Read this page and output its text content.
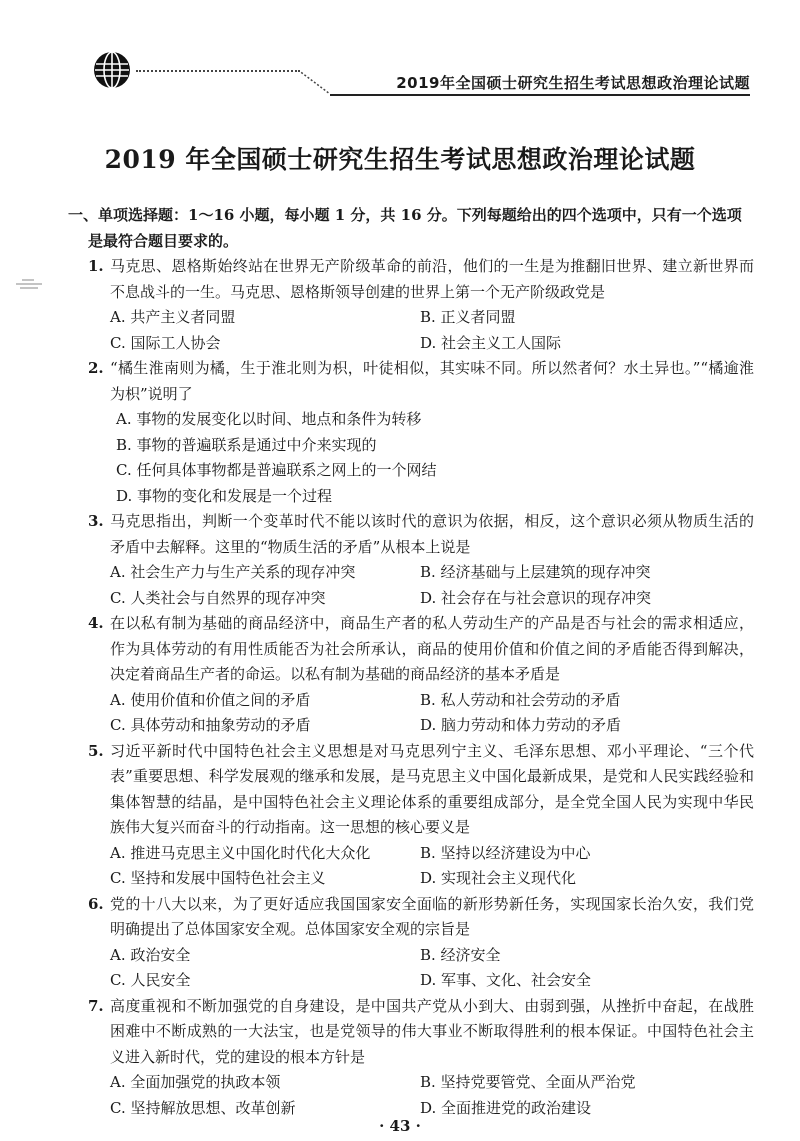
2019年全国硕士研究生招生考试思想政治理论试题
2019 年全国硕士研究生招生考试思想政治理论试题
一、单项选择题：1～16 小题，每小题 1 分，共 16 分。下列每题给出的四个选项中，只有一个选项是最符合题目要求的。
1. 马克思、恩格斯始终站在世界无产阶级革命的前沿，他们的一生是为推翻旧世界、建立新世界而不息战斗的一生。马克思、恩格斯领导创建的世界上第一个无产阶级政党是
A. 共产主义者同盟	B. 正义者同盟
C. 国际工人协会	D. 社会主义工人国际
2. “橘生淮南则为橘，生于淮北则为枳，叶徒相似，其实味不同。所以然者何？水土异也。”“橘逾淮为枳”说明了
A. 事物的发展变化以时间、地点和条件为转移
B. 事物的普遍联系是通过中介来实现的
C. 任何具体事物都是普遍联系之网上的一个网结
D. 事物的变化和发展是一个过程
3. 马克思指出，判断一个变革时代不能以该时代的意识为依据，相反，这个意识必须从物质生活的矛盾中去解释。这里的“物质生活的矛盾”从根本上说是
A. 社会生产力与生产关系的现存冲突	B. 经济基础与上层建筑的现存冲突
C. 人类社会与自然界的现存冲突	D. 社会存在与社会意识的现存冲突
4. 在以私有制为基础的商品经济中，商品生产者的私人劳动生产的产品是否与社会的需求相适应，作为具体劳动的有用性质能否为社会所承认，商品的使用价值和价值之间的矛盾能否得到解决，决定着商品生产者的命运。以私有制为基础的商品经济的基本矛盾是
A. 使用价值和价值之间的矛盾	B. 私人劳动和社会劳动的矛盾
C. 具体劳动和抽象劳动的矛盾	D. 脑力劳动和体力劳动的矛盾
5. 习近平新时代中国特色社会主义思想是对马克思列宁主义、毛泽东思想、邓小平理论、“三个代表”重要思想、科学发展观的继承和发展，是马克思主义中国化最新成果，是党和人民实践经验和集体智慧的结晶，是中国特色社会主义理论体系的重要组成部分，是全党全国人民为实现中华民族伟大复兴而奋斗的行动指南。这一思想的核心要义是
A. 推进马克思主义中国化时代化大众化	B. 坚持以经济建设为中心
C. 坚持和发展中国特色社会主义	D. 实现社会主义现代化
6. 党的十八大以来，为了更好适应我国国家安全面临的新形势新任务，实现国家长治久安，我们党明确提出了总体国家安全观。总体国家安全观的宗旨是
A. 政治安全	B. 经济安全
C. 人民安全	D. 军事、文化、社会安全
7. 高度重视和不断加强党的自身建设，是中国共产党从小到大、由弱到强，从挫折中奋起，在战胜困难中不断成熟的一大法宝，也是党领导的伟大事业不断取得胜利的根本保证。中国特色社会主义进入新时代，党的建设的根本方针是
A. 全面加强党的执政本领	B. 坚持党要管党、全面从严治党
C. 坚持解放思想、改革创新	D. 全面推进党的政治建设
· 43 ·
